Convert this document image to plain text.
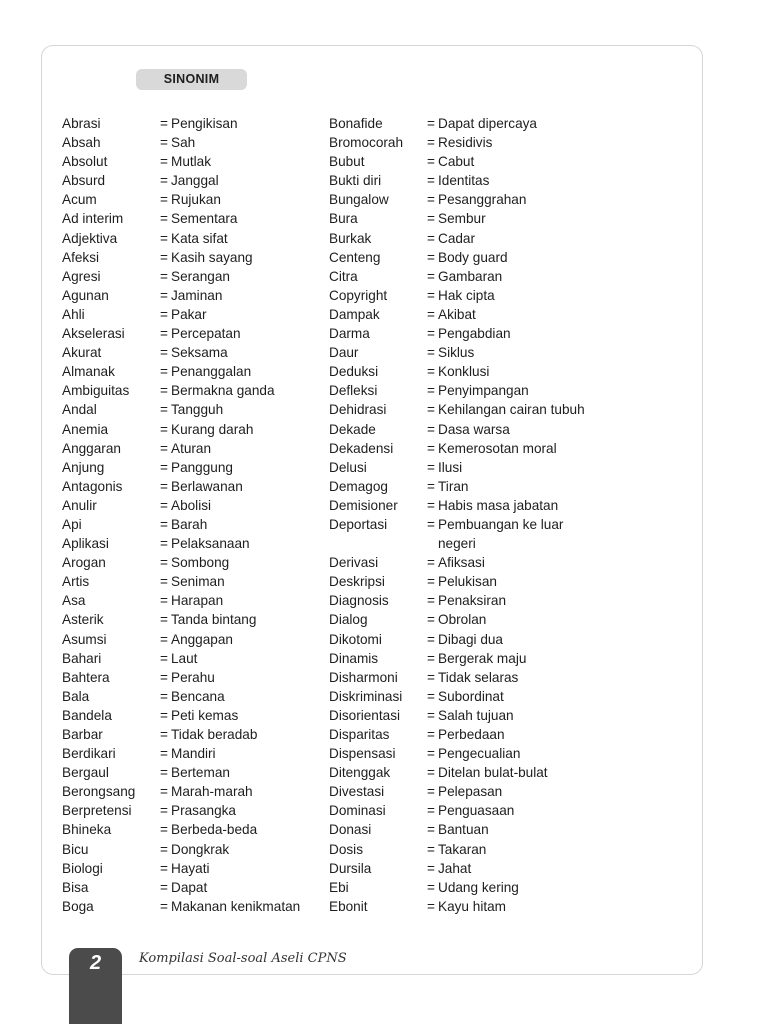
SINONIM
Abrasi	= Pengikisan
Absah	= Sah
Absolut	= Mutlak
Absurd	= Janggal
Acum	= Rujukan
Ad interim	= Sementara
Adjektiva	= Kata sifat
Afeksi	= Kasih sayang
Agresi	= Serangan
Agunan	= Jaminan
Ahli	= Pakar
Akselerasi	= Percepatan
Akurat	= Seksama
Almanak	= Penanggalan
Ambiguitas	= Bermakna ganda
Andal	= Tangguh
Anemia	= Kurang darah
Anggaran	= Aturan
Anjung	= Panggung
Antagonis	= Berlawanan
Anulir	= Abolisi
Api	= Barah
Aplikasi	= Pelaksanaan
Arogan	= Sombong
Artis	= Seniman
Asa	= Harapan
Asterik	= Tanda bintang
Asumsi	= Anggapan
Bahari	= Laut
Bahtera	= Perahu
Bala	= Bencana
Bandela	= Peti kemas
Barbar	= Tidak beradab
Berdikari	= Mandiri
Bergaul	= Berteman
Berongsang	= Marah-marah
Berpretensi	= Prasangka
Bhineka	= Berbeda-beda
Bicu	= Dongkrak
Biologi	= Hayati
Bisa	= Dapat
Boga	= Makanan kenikmatan
Bonafide	= Dapat dipercaya
Bromocorah	= Residivis
Bubut	= Cabut
Bukti diri	= Identitas
Bungalow	= Pesanggrahan
Bura	= Sembur
Burkak	= Cadar
Centeng	= Body guard
Citra	= Gambaran
Copyright	= Hak cipta
Dampak	= Akibat
Darma	= Pengabdian
Daur	= Siklus
Deduksi	= Konklusi
Defleksi	= Penyimpangan
Dehidrasi	= Kehilangan cairan tubuh
Dekade	= Dasa warsa
Dekadensi	= Kemerosotan moral
Delusi	= Ilusi
Demagog	= Tiran
Demisioner	= Habis masa jabatan
Deportasi	= Pembuangan ke luar negeri
Derivasi	= Afiksasi
Deskripsi	= Pelukisan
Diagnosis	= Penaksiran
Dialog	= Obrolan
Dikotomi	= Dibagi dua
Dinamis	= Bergerak maju
Disharmoni	= Tidak selaras
Diskriminasi	= Subordinat
Disorientasi	= Salah tujuan
Disparitas	= Perbedaan
Dispensasi	= Pengecualian
Ditenggak	= Ditelan bulat-bulat
Divestasi	= Pelepasan
Dominasi	= Penguasaan
Donasi	= Bantuan
Dosis	= Takaran
Dursila	= Jahat
Ebi	= Udang kering
Ebonit	= Kayu hitam
2	Kompilasi Soal-soal Aseli CPNS
